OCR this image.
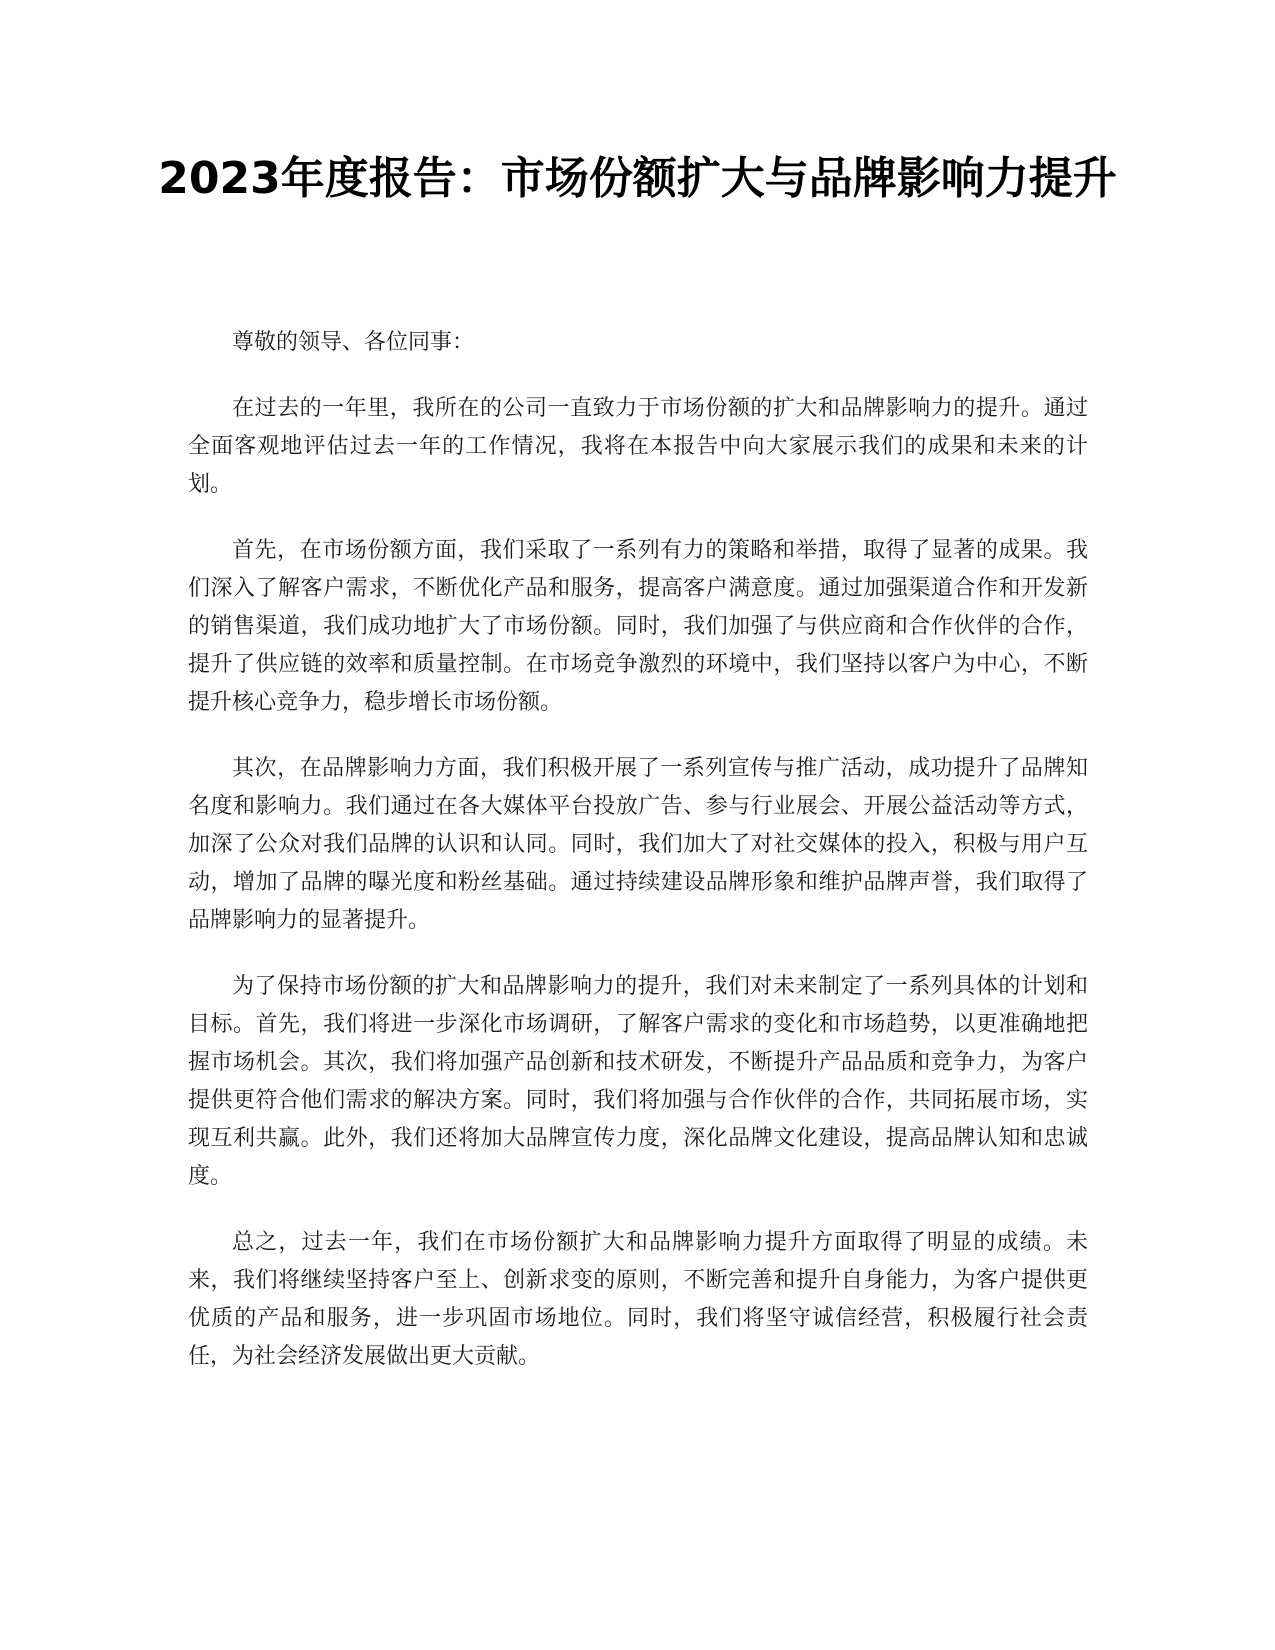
2023年度报告：市场份额扩大与品牌影响力提升

尊敬的领导、各位同事：

在过去的一年里，我所在的公司一直致力于市场份额的扩大和品牌影响力的提升。通过全面客观地评估过去一年的工作情况，我将在本报告中向大家展示我们的成果和未来的计划。

首先，在市场份额方面，我们采取了一系列有力的策略和举措，取得了显著的成果。我们深入了解客户需求，不断优化产品和服务，提高客户满意度。通过加强渠道合作和开发新的销售渠道，我们成功地扩大了市场份额。同时，我们加强了与供应商和合作伙伴的合作，提升了供应链的效率和质量控制。在市场竞争激烈的环境中，我们坚持以客户为中心，不断提升核心竞争力，稳步增长市场份额。

其次，在品牌影响力方面，我们积极开展了一系列宣传与推广活动，成功提升了品牌知名度和影响力。我们通过在各大媒体平台投放广告、参与行业展会、开展公益活动等方式，加深了公众对我们品牌的认识和认同。同时，我们加大了对社交媒体的投入，积极与用户互动，增加了品牌的曝光度和粉丝基础。通过持续建设品牌形象和维护品牌声誉，我们取得了品牌影响力的显著提升。

为了保持市场份额的扩大和品牌影响力的提升，我们对未来制定了一系列具体的计划和目标。首先，我们将进一步深化市场调研，了解客户需求的变化和市场趋势，以更准确地把握市场机会。其次，我们将加强产品创新和技术研发，不断提升产品品质和竞争力，为客户提供更符合他们需求的解决方案。同时，我们将加强与合作伙伴的合作，共同拓展市场，实现互利共赢。此外，我们还将加大品牌宣传力度，深化品牌文化建设，提高品牌认知和忠诚度。

总之，过去一年，我们在市场份额扩大和品牌影响力提升方面取得了明显的成绩。未来，我们将继续坚持客户至上、创新求变的原则，不断完善和提升自身能力，为客户提供更优质的产品和服务，进一步巩固市场地位。同时，我们将坚守诚信经营，积极履行社会责任，为社会经济发展做出更大贡献。
